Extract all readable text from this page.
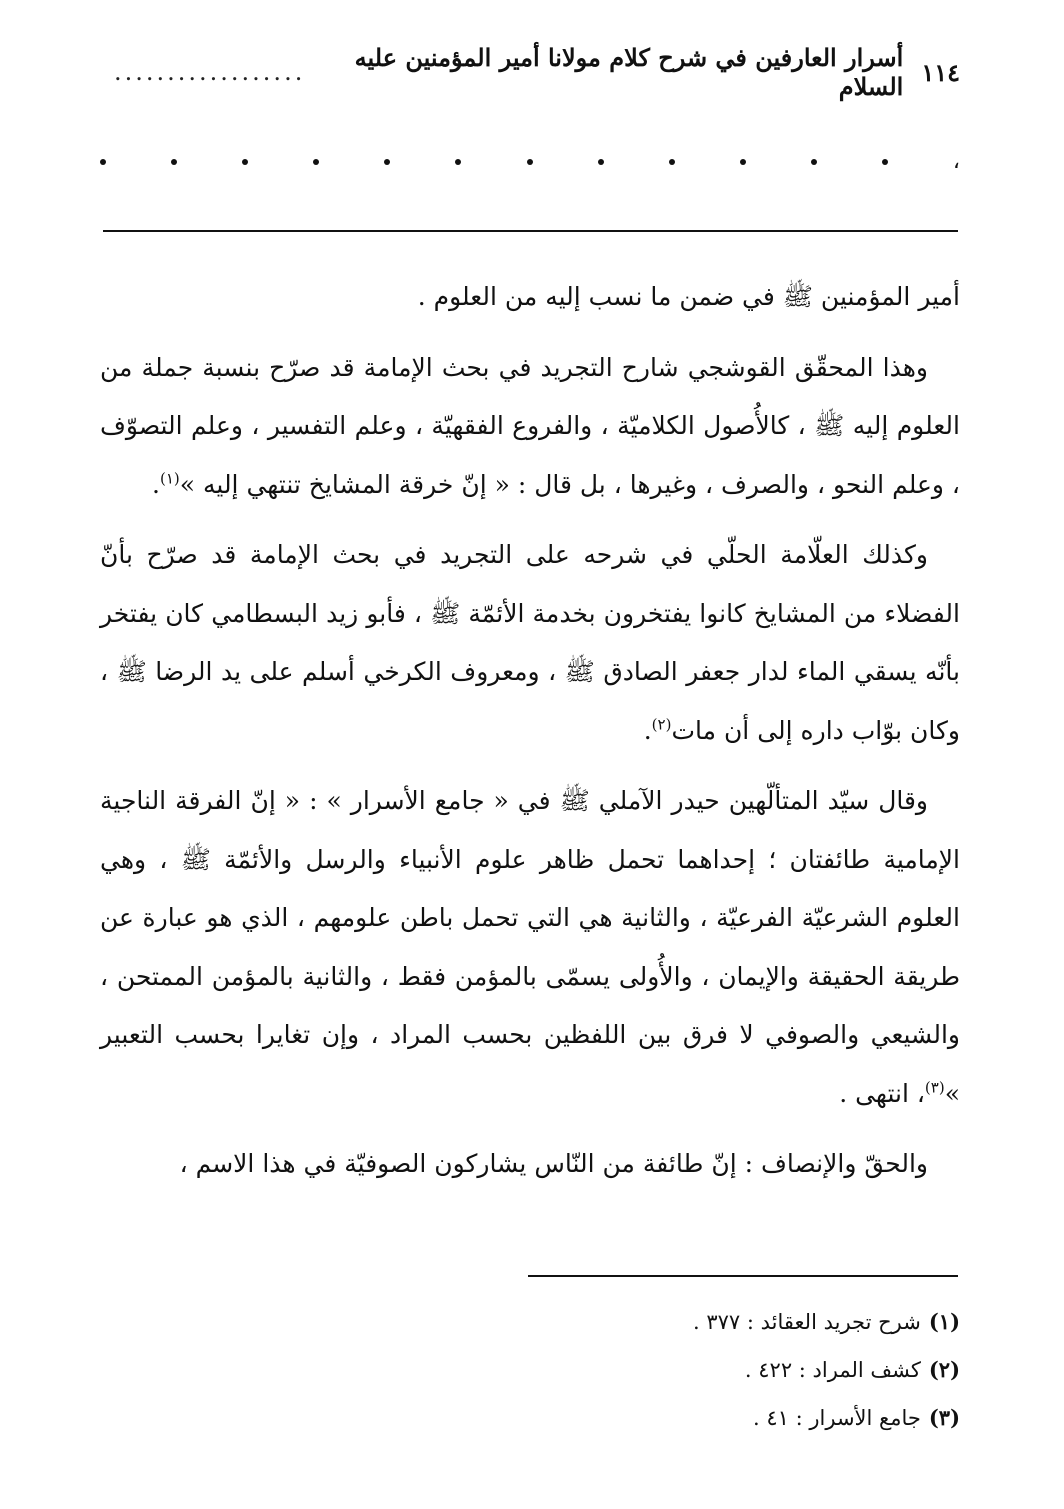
١١٤
أسرار العارفين في شرح كلام مولانا أمير المؤمنين عليه السلام
..................
،

أمير المؤمنين ﷺ في ضمن ما نسب إليه من العلوم .

وهذا المحقّق القوشجي شارح التجريد في بحث الإمامة قد صرّح بنسبة جملة من العلوم إليه ﷺ ، كالأُصول الكلاميّة ، والفروع الفقهيّة ، وعلم التفسير ، وعلم التصوّف ، وعلم النحو ، والصرف ، وغيرها ، بل قال : « إنّ خرقة المشايخ تنتهي إليه »$^{(١)}$.

وكذلك العلّامة الحلّي في شرحه على التجريد في بحث الإمامة قد صرّح بأنّ الفضلاء من المشايخ كانوا يفتخرون بخدمة الأئمّة ﷺ ، فأبو زيد البسطامي كان يفتخر بأنّه يسقي الماء لدار جعفر الصادق ﷺ ، ومعروف الكرخي أسلم على يد الرضا ﷺ ، وكان بوّاب داره إلى أن مات$^{(٢)}$.

وقال سيّد المتألّهين حيدر الآملي ﷺ في « جامع الأسرار » : « إنّ الفرقة الناجية الإمامية طائفتان ؛ إحداهما تحمل ظاهر علوم الأنبياء والرسل والأئمّة ﷺ ، وهي العلوم الشرعيّة الفرعيّة ، والثانية هي التي تحمل باطن علومهم ، الذي هو عبارة عن طريقة الحقيقة والإيمان ، والأُولى يسمّى بالمؤمن فقط ، والثانية بالمؤمن الممتحن ، والشيعي والصوفي لا فرق بين اللفظين بحسب المراد ، وإن تغايرا بحسب التعبير »$^{(٣)}$، انتهى .

والحقّ والإنصاف : إنّ طائفة من النّاس يشاركون الصوفيّة في هذا الاسم ،

(١)شرح تجريد العقائد : ٣٧٧ .
(٢)كشف المراد : ٤٢٢ .
(٣)جامع الأسرار : ٤١ .
